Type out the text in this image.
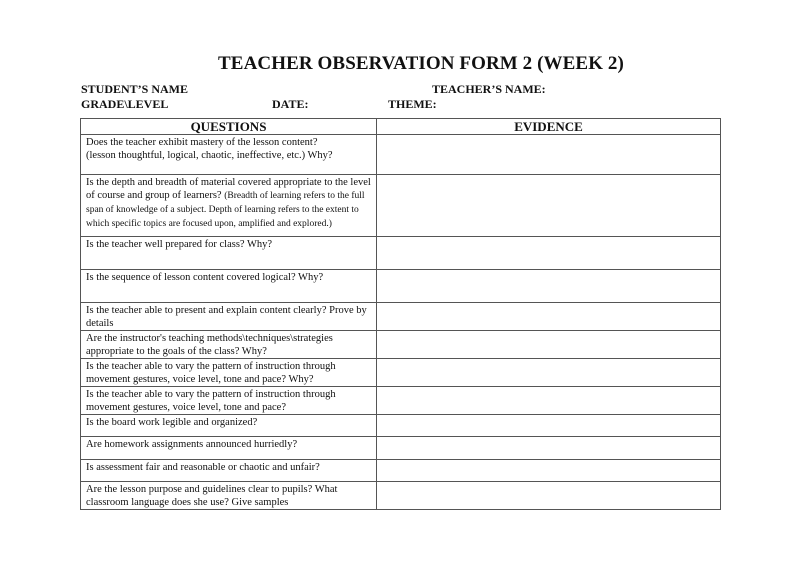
TEACHER OBSERVATION FORM 2 (WEEK 2)
STUDENT’S NAME	TEACHER’S NAME:
GRADE\LEVEL	DATE:	THEME:
QUESTIONS	EVIDENCE
Does the teacher exhibit mastery of the lesson content?
(lesson thoughtful, logical, chaotic, ineffective, etc.) Why?	
Is the depth and breadth of material covered appropriate to the level of course and group of learners? (Breadth of learning refers to the full span of knowledge of a subject. Depth of learning refers to the extent to which specific topics are focused upon, amplified and explored.)	
Is the teacher well prepared for class? Why?	
Is the sequence of lesson content covered logical? Why?	
Is the teacher able to present and explain content clearly? Prove by details	
Are the instructor's teaching methods\techniques\strategies appropriate to the goals of the class? Why?	
Is the teacher able to vary the pattern of instruction through movement gestures, voice level, tone and pace? Why?	
Is the teacher able to vary the pattern of instruction through movement gestures, voice level, tone and pace?	
Is the board work legible and organized?	
Are homework assignments announced hurriedly?	
Is assessment fair and reasonable or chaotic and unfair?	
Are the lesson purpose and guidelines clear to pupils? What classroom language does she use? Give samples	
